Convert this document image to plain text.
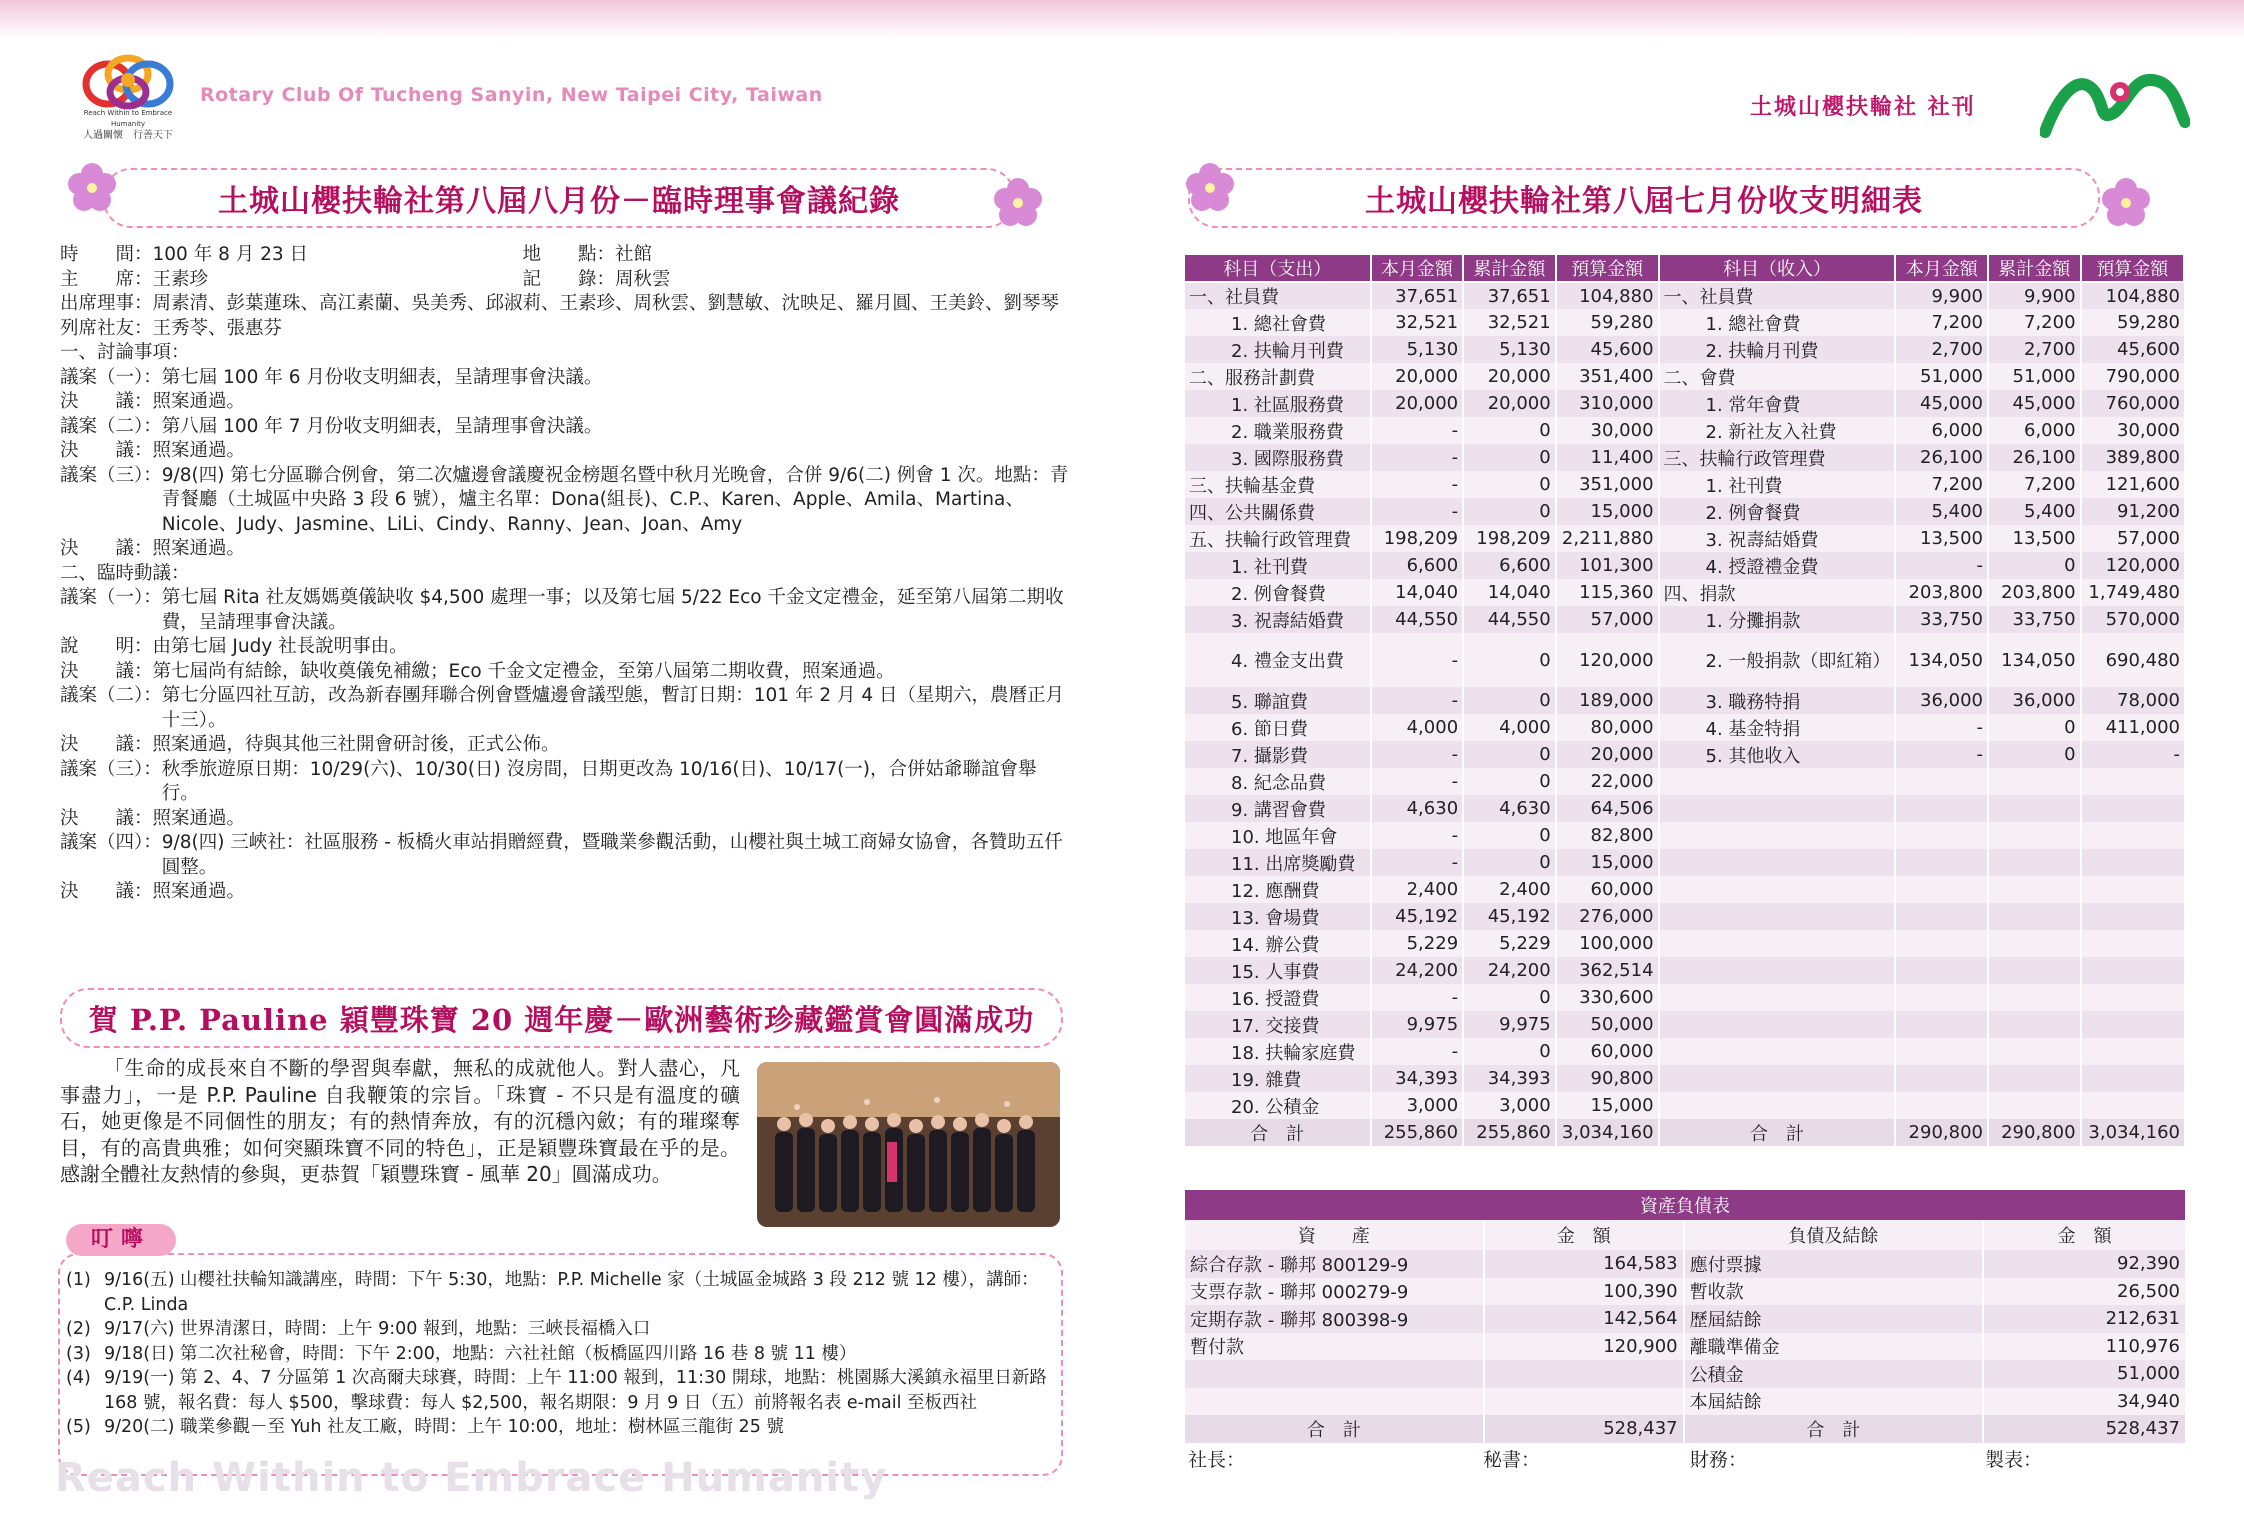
Reach Within to Embrace Humanity
人過關懷　行善天下
Rotary Club Of Tucheng Sanyin, New Taipei City, Taiwan	土城山櫻扶輪社 社刊
土城山櫻扶輪社第八屆八月份－臨時理事會議紀錄
時　　間： 100 年 8 月 23 日	地　　點： 社館
主　　席： 王素珍	記　　錄： 周秋雲
出席理事： 周素清、彭葉蓮珠、高江素蘭、吳美秀、邱淑莉、王素珍、周秋雲、劉慧敏、沈映足、羅月圓、王美鈴、劉琴琴
列席社友： 王秀苓、張惠芬
一、討論事項：
議案（一）： 第七屆 100 年 6 月份收支明細表，呈請理事會決議。
決　　議： 照案通過。
議案（二）： 第八屆 100 年 7 月份收支明細表，呈請理事會決議。
決　　議： 照案通過。
議案（三）： 9/8(四) 第七分區聯合例會，第二次爐邊會議慶祝金榜題名暨中秋月光晚會，合併 9/6(二) 例會 1 次。地點：青青餐廳（土城區中央路 3 段 6 號），爐主名單：Dona(組長)、C.P.、Karen、Apple、Amila、Martina、Nicole、Judy、Jasmine、LiLi、Cindy、Ranny、Jean、Joan、Amy
決　　議： 照案通過。
二、臨時動議：
議案（一）： 第七屆 Rita 社友媽媽奠儀缺收 $4,500 處理一事；以及第七屆 5/22 Eco 千金文定禮金，延至第八屆第二期收費，呈請理事會決議。
說　　明： 由第七屆 Judy 社長說明事由。
決　　議： 第七屆尚有結餘，缺收奠儀免補繳；Eco 千金文定禮金，至第八屆第二期收費，照案通過。
議案（二）： 第七分區四社互訪，改為新春團拜聯合例會暨爐邊會議型態，暫訂日期：101 年 2 月 4 日（星期六，農曆正月十三）。
決　　議： 照案通過，待與其他三社開會研討後，正式公佈。
議案（三）： 秋季旅遊原日期：10/29(六)、10/30(日) 沒房間，日期更改為 10/16(日)、10/17(一)，合併姑爺聯誼會舉行。
決　　議： 照案通過。
議案（四）： 9/8(四) 三峽社：社區服務 - 板橋火車站捐贈經費，暨職業參觀活動，山櫻社與土城工商婦女協會，各贊助五仟圓整。
決　　議： 照案通過。
賀 P.P. Pauline 穎豐珠寶 20 週年慶－歐洲藝術珍藏鑑賞會圓滿成功
「生命的成長來自不斷的學習與奉獻，無私的成就他人。對人盡心，凡事盡力」，一是 P.P. Pauline 自我鞭策的宗旨。「珠寶 - 不只是有溫度的礦石，她更像是不同個性的朋友；有的熱情奔放，有的沉穩內斂；有的璀璨奪目，有的高貴典雅；如何突顯珠寶不同的特色」，正是穎豐珠寶最在乎的是。感謝全體社友熱情的參與，更恭賀「穎豐珠寶 - 風華 20」圓滿成功。
叮嚀
(1) 9/16(五) 山櫻社扶輪知識講座，時間：下午 5:30，地點：P.P. Michelle 家（土城區金城路 3 段 212 號 12 樓），講師：C.P. Linda
(2) 9/17(六) 世界清潔日，時間：上午 9:00 報到，地點：三峽長福橋入口
(3) 9/18(日) 第二次社秘會，時間：下午 2:00，地點：六社社館（板橋區四川路 16 巷 8 號 11 樓）
(4) 9/19(一) 第 2、4、7 分區第 1 次高爾夫球賽，時間：上午 11:00 報到，11:30 開球，地點：桃園縣大溪鎮永福里日新路 168 號，報名費：每人 $500，擊球費：每人 $2,500，報名期限：9 月 9 日（五）前將報名表 e-mail 至板西社
(5) 9/20(二) 職業參觀－至 Yuh 社友工廠，時間：上午 10:00，地址：樹林區三龍街 25 號
Reach Within to Embrace Humanity
土城山櫻扶輪社第八屆七月份收支明細表
科目（支出）	本月金額	累計金額	預算金額	科目（收入）	本月金額	累計金額	預算金額
一、社員費	37,651	37,651	104,880	一、社員費	9,900	9,900	104,880
1. 總社會費	32,521	32,521	59,280	1. 總社會費	7,200	7,200	59,280
2. 扶輪月刊費	5,130	5,130	45,600	2. 扶輪月刊費	2,700	2,700	45,600
二、服務計劃費	20,000	20,000	351,400	二、會費	51,000	51,000	790,000
1. 社區服務費	20,000	20,000	310,000	1. 常年會費	45,000	45,000	760,000
2. 職業服務費	-	0	30,000	2. 新社友入社費	6,000	6,000	30,000
3. 國際服務費	-	0	11,400	三、扶輪行政管理費	26,100	26,100	389,800
三、扶輪基金費	-	0	351,000	1. 社刊費	7,200	7,200	121,600
四、公共關係費	-	0	15,000	2. 例會餐費	5,400	5,400	91,200
五、扶輪行政管理費	198,209	198,209	2,211,880	3. 祝壽結婚費	13,500	13,500	57,000
1. 社刊費	6,600	6,600	101,300	4. 授證禮金費	-	0	120,000
2. 例會餐費	14,040	14,040	115,360	四、捐款	203,800	203,800	1,749,480
3. 祝壽結婚費	44,550	44,550	57,000	1. 分攤捐款	33,750	33,750	570,000
4. 禮金支出費	-	0	120,000	2. 一般捐款（即紅箱）	134,050	134,050	690,480
5. 聯誼費	-	0	189,000	3. 職務特捐	36,000	36,000	78,000
6. 節日費	4,000	4,000	80,000	4. 基金特捐	-	0	411,000
7. 攝影費	-	0	20,000	5. 其他收入	-	0	-
8. 紀念品費	-	0	22,000				
9. 講習會費	4,630	4,630	64,506				
10. 地區年會	-	0	82,800				
11. 出席獎勵費	-	0	15,000				
12. 應酬費	2,400	2,400	60,000				
13. 會場費	45,192	45,192	276,000				
14. 辦公費	5,229	5,229	100,000				
15. 人事費	24,200	24,200	362,514				
16. 授證費	-	0	330,600				
17. 交接費	9,975	9,975	50,000				
18. 扶輪家庭費	-	0	60,000				
19. 雜費	34,393	34,393	90,800				
20. 公積金	3,000	3,000	15,000				
合　計	255,860	255,860	3,034,160	合　計	290,800	290,800	3,034,160
資產負債表			
資　　產	金　額	負債及結餘	金　額
綜合存款 - 聯邦 800129-9	164,583	應付票據	92,390
支票存款 - 聯邦 000279-9	100,390	暫收款	26,500
定期存款 - 聯邦 800398-9	142,564	歷屆結餘	212,631
暫付款	120,900	離職準備金	110,976
		公積金	51,000
		本屆結餘	34,940
合　計	528,437	合　計	528,437
社長：	秘書：	財務：	製表：
